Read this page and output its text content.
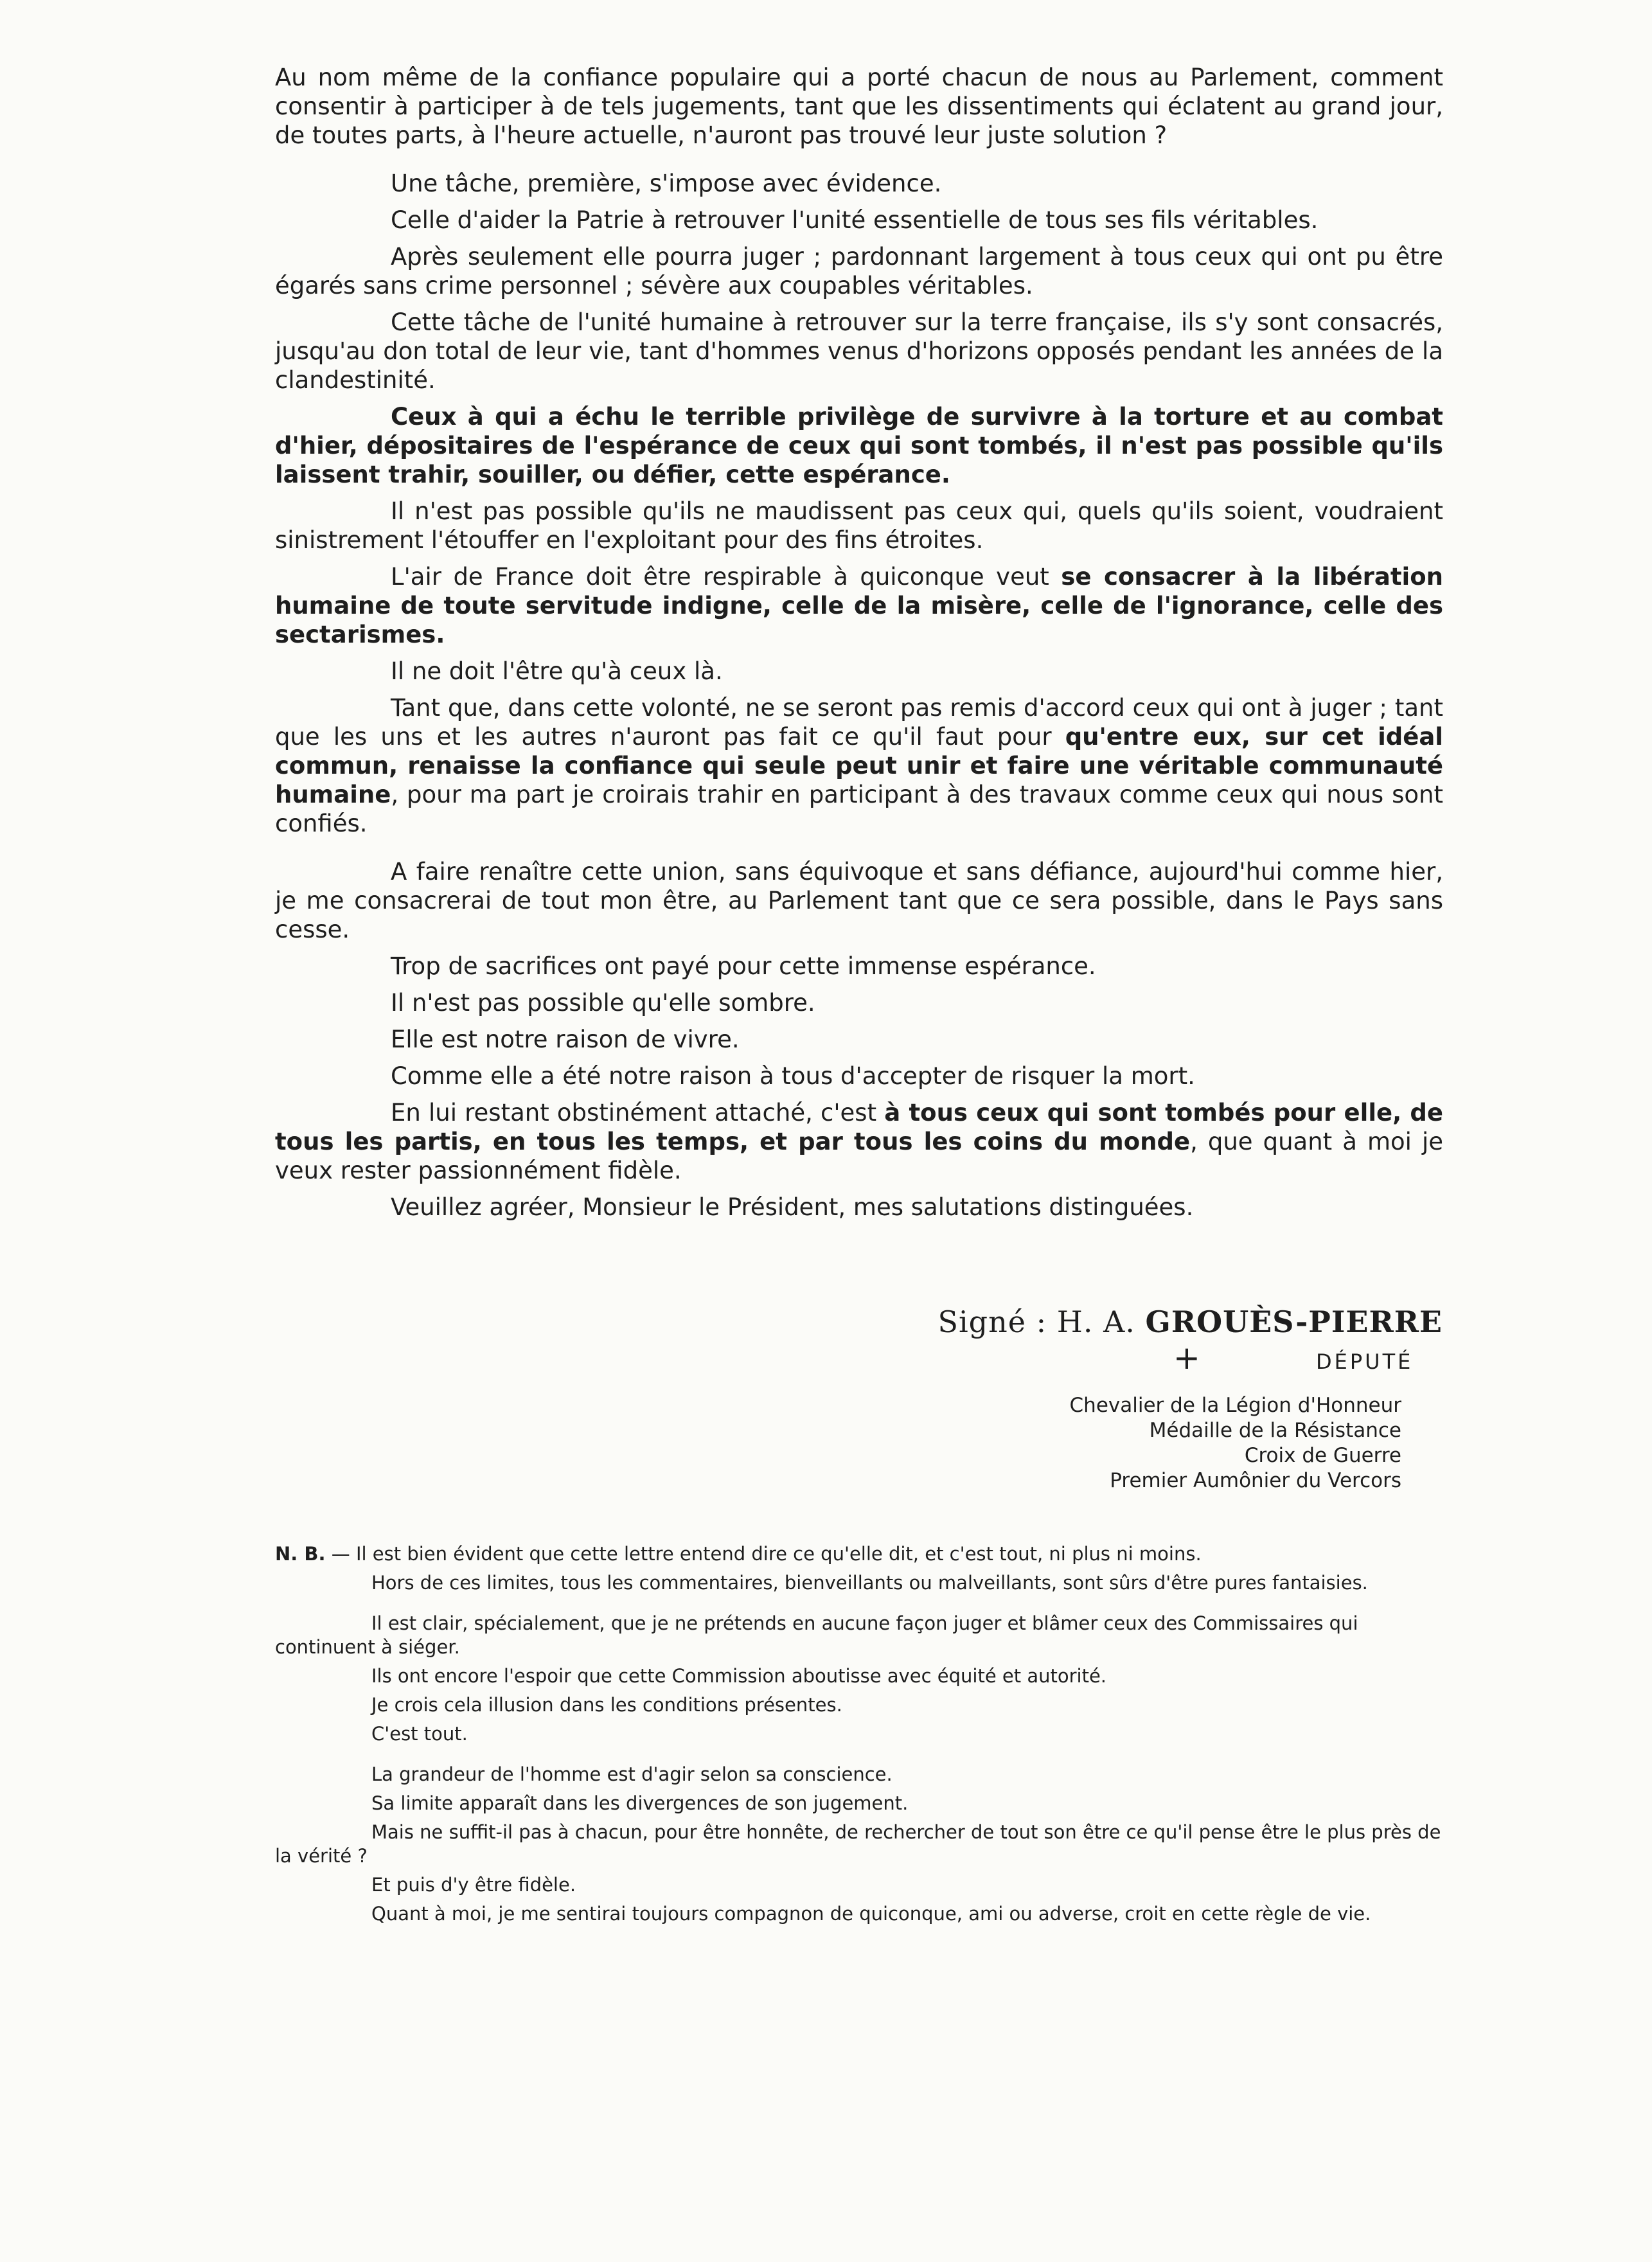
Au nom même de la confiance populaire qui a porté chacun de nous au Parlement, comment consentir à participer à de tels jugements, tant que les dissentiments qui éclatent au grand jour, de toutes parts, à l'heure actuelle, n'auront pas trouvé leur juste solution ?

Une tâche, première, s'impose avec évidence.

Celle d'aider la Patrie à retrouver l'unité essentielle de tous ses fils véritables.

Après seulement elle pourra juger ; pardonnant largement à tous ceux qui ont pu être égarés sans crime personnel ; sévère aux coupables véritables.

Cette tâche de l'unité humaine à retrouver sur la terre française, ils s'y sont consacrés, jusqu'au don total de leur vie, tant d'hommes venus d'horizons opposés pendant les années de la clandestinité.

Ceux à qui a échu le terrible privilège de survivre à la torture et au combat d'hier, dépositaires de l'espérance de ceux qui sont tombés, il n'est pas possible qu'ils laissent trahir, souiller, ou défier, cette espérance.

Il n'est pas possible qu'ils ne maudissent pas ceux qui, quels qu'ils soient, voudraient sinistrement l'étouffer en l'exploitant pour des fins étroites.

L'air de France doit être respirable à quiconque veut se consacrer à la libération humaine de toute servitude indigne, celle de la misère, celle de l'ignorance, celle des sectarismes.

Il ne doit l'être qu'à ceux là.

Tant que, dans cette volonté, ne se seront pas remis d'accord ceux qui ont à juger ; tant que les uns et les autres n'auront pas fait ce qu'il faut pour qu'entre eux, sur cet idéal commun, renaisse la confiance qui seule peut unir et faire une véritable communauté humaine, pour ma part je croirais trahir en participant à des travaux comme ceux qui nous sont confiés.

A faire renaître cette union, sans équivoque et sans défiance, aujourd'hui comme hier, je me consacrerai de tout mon être, au Parlement tant que ce sera possible, dans le Pays sans cesse.

Trop de sacrifices ont payé pour cette immense espérance.

Il n'est pas possible qu'elle sombre.

Elle est notre raison de vivre.

Comme elle a été notre raison à tous d'accepter de risquer la mort.

En lui restant obstinément attaché, c'est à tous ceux qui sont tombés pour elle, de tous les partis, en tous les temps, et par tous les coins du monde, que quant à moi je veux rester passionnément fidèle.

Veuillez agréer, Monsieur le Président, mes salutations distinguées.

Signé : H. A. GROUÈS-PIERRE
+	DÉPUTÉ
Chevalier de la Légion d'Honneur
Médaille de la Résistance
Croix de Guerre
Premier Aumônier du Vercors

N. B. — Il est bien évident que cette lettre entend dire ce qu'elle dit, et c'est tout, ni plus ni moins.

Hors de ces limites, tous les commentaires, bienveillants ou malveillants, sont sûrs d'être pures fantaisies.

Il est clair, spécialement, que je ne prétends en aucune façon juger et blâmer ceux des Commissaires qui continuent à siéger.

Ils ont encore l'espoir que cette Commission aboutisse avec équité et autorité.

Je crois cela illusion dans les conditions présentes.

C'est tout.

La grandeur de l'homme est d'agir selon sa conscience.

Sa limite apparaît dans les divergences de son jugement.

Mais ne suffit-il pas à chacun, pour être honnête, de rechercher de tout son être ce qu'il pense être le plus près de la vérité ?

Et puis d'y être fidèle.

Quant à moi, je me sentirai toujours compagnon de quiconque, ami ou adverse, croit en cette règle de vie.
